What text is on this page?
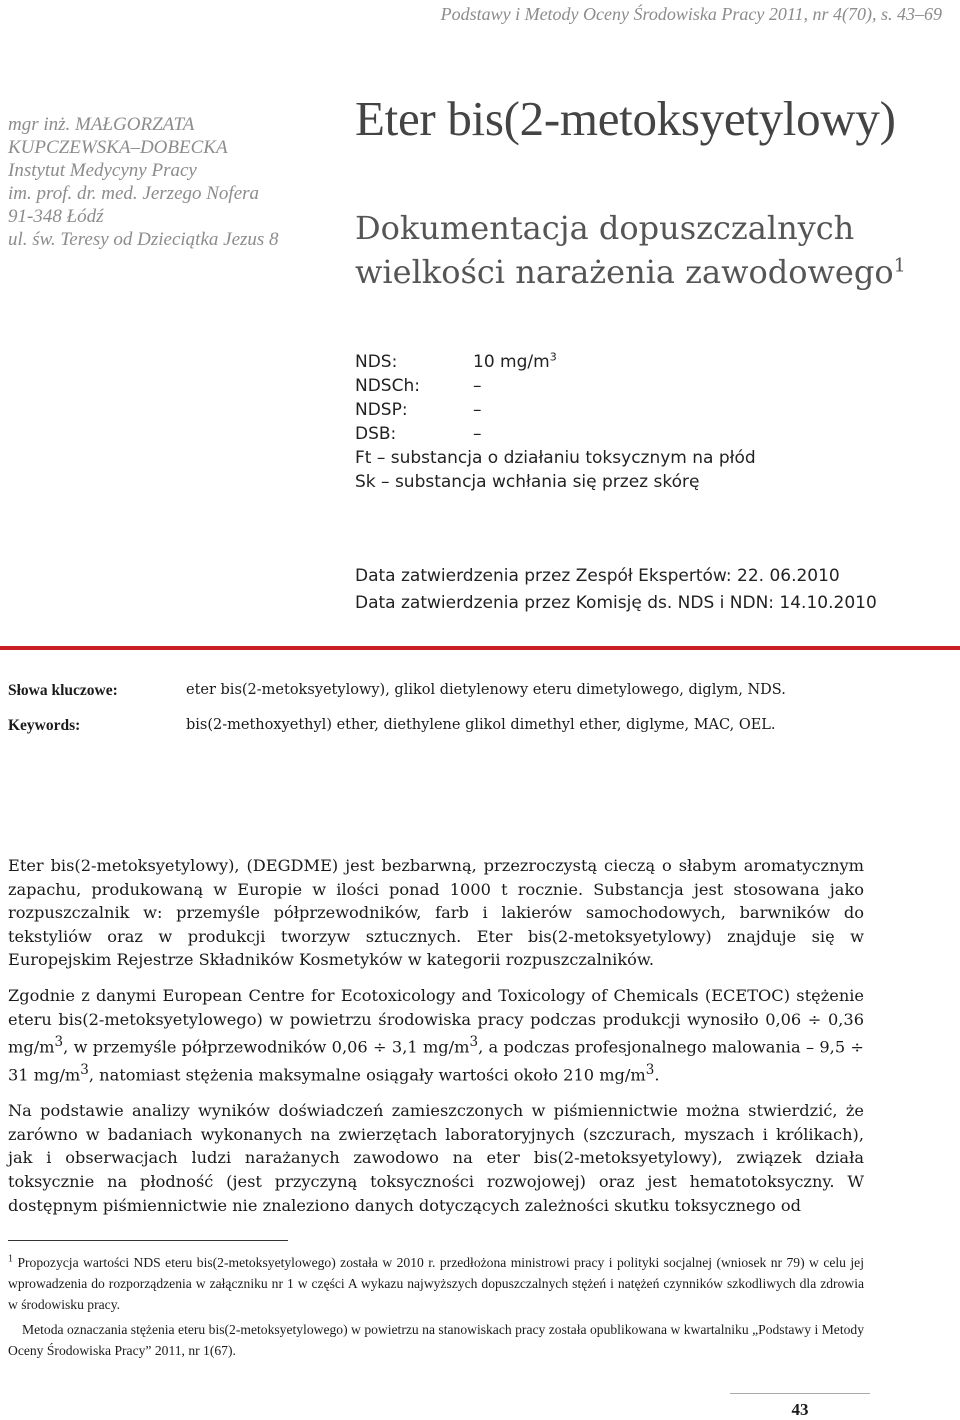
Podstawy i Metody Oceny Środowiska Pracy 2011, nr 4(70), s. 43–69
mgr inż. MAŁGORZATA
KUPCZEWSKA–DOBECKA
Instytut Medycyny Pracy
im. prof. dr. med. Jerzego Nofera
91-348 Łódź
ul. św. Teresy od Dzieciątka Jezus 8
Eter bis(2-metoksyetylowy)
Dokumentacja dopuszczalnych
wielkości narażenia zawodowego$^1$
NDS:	10 $mg/m^3$
NDSCh:	–
NDSP:	–
DSB:	–
Ft – substancja o działaniu toksycznym na płód
Sk – substancja wchłania się przez skórę
Data zatwierdzenia przez Zespół Ekspertów: 22. 06.2010
Data zatwierdzenia przez Komisję ds. NDS i NDN: 14.10.2010
Słowa kluczowe:	eter bis(2-metoksyetylowy), glikol dietylenowy eteru dimetylowego, diglym, NDS.
Keywords:	bis(2-methoxyethyl) ether, diethylene glikol dimethyl ether, diglyme, MAC, OEL.

Eter bis(2-metoksyetylowy), (DEGDME) jest bezbarwną, przezroczystą cieczą o słabym aromatycznym zapachu, produkowaną w Europie w ilości ponad 1000 t rocznie. Substancja jest stosowana jako rozpuszczalnik w: przemyśle półprzewodników, farb i lakierów samochodowych, barwników do tekstyliów oraz w produkcji tworzyw sztucznych. Eter bis(2-metoksyetylowy) znajduje się w Europejskim Rejestrze Składników Kosmetyków w kategorii rozpuszczalników.

Zgodnie z danymi European Centre for Ecotoxicology and Toxicology of Chemicals (ECETOC) stężenie eteru bis(2-metoksyetylowego) w powietrzu środowiska pracy podczas produkcji wynosiło 0,06 ÷ 0,36 $mg/m^3$, w przemyśle półprzewodników 0,06 ÷ 3,1 $mg/m^3$, a podczas profesjonalnego malowania – 9,5 ÷ 31 $mg/m^3$, natomiast stężenia maksymalne osiągały wartości około 210 $mg/m^3$.

Na podstawie analizy wyników doświadczeń zamieszczonych w piśmiennictwie można stwierdzić, że zarówno w badaniach wykonanych na zwierzętach laboratoryjnych (szczurach, myszach i królikach), jak i obserwacjach ludzi narażanych zawodowo na eter bis(2-metoksyetylowy), związek działa toksycznie na płodność (jest przyczyną toksyczności rozwojowej) oraz jest hematotoksyczny. W dostępnym piśmiennictwie nie znaleziono danych dotyczących zależności skutku toksycznego od

$^1$ Propozycja wartości NDS eteru bis(2-metoksyetylowego) została w 2010 r. przedłożona ministrowi pracy i polityki socjalnej (wniosek nr 79) w celu jej wprowadzenia do rozporządzenia w załączniku nr 1 w części A wykazu najwyższych dopuszczalnych stężeń i natężeń czynników szkodliwych dla zdrowia w środowisku pracy.

Metoda oznaczania stężenia eteru bis(2-metoksyetylowego) w powietrzu na stanowiskach pracy została opublikowana w kwartalniku „Podstawy i Metody Oceny Środowiska Pracy” 2011, nr 1(67).

43
